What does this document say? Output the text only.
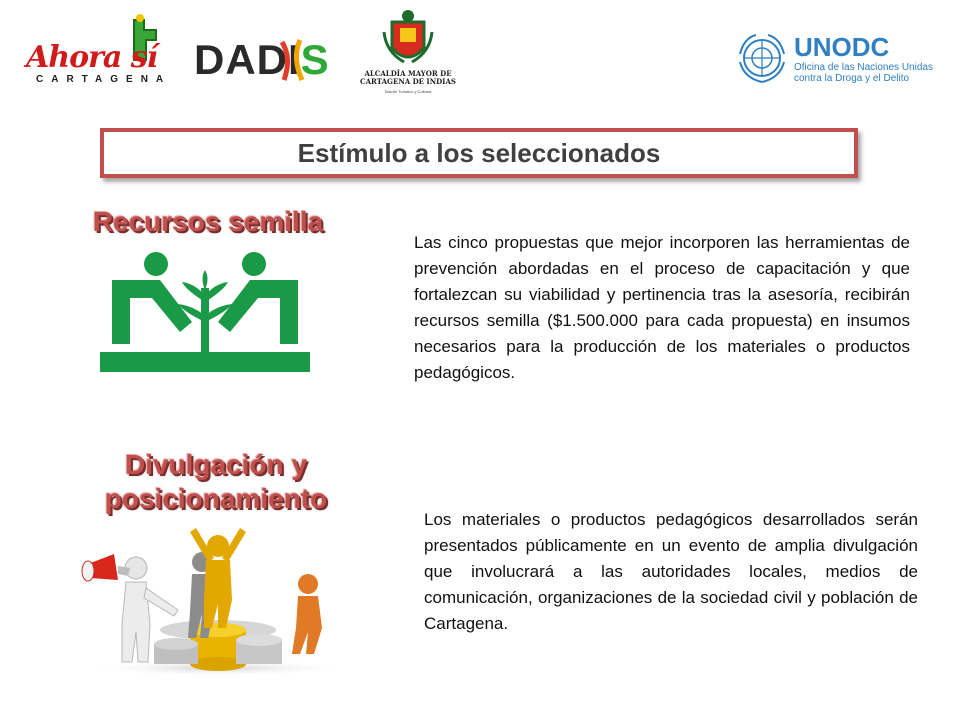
Ahora sí
CARTAGENA DADIS	ALCALDÍA MAYOR DE CARTAGENA DE INDIAS
Distrito Turístico y Cultural
UNODC
Oficina de las Naciones Unidas
contra la Droga y el Delito
Estímulo a los seleccionados
Recursos semilla
Las cinco propuestas que mejor incorporen las herramientas de prevención abordadas en el proceso de capacitación y que fortalezcan su viabilidad y pertinencia tras la asesoría, recibirán recursos semilla ($1.500.000 para cada propuesta) en insumos necesarios para la producción de los materiales o productos pedagógicos.
Divulgación y
posicionamiento
Los materiales o productos pedagógicos desarrollados serán presentados públicamente en un evento de amplia divulgación que involucrará a las autoridades locales, medios de comunicación, organizaciones de la sociedad civil y población de Cartagena.
